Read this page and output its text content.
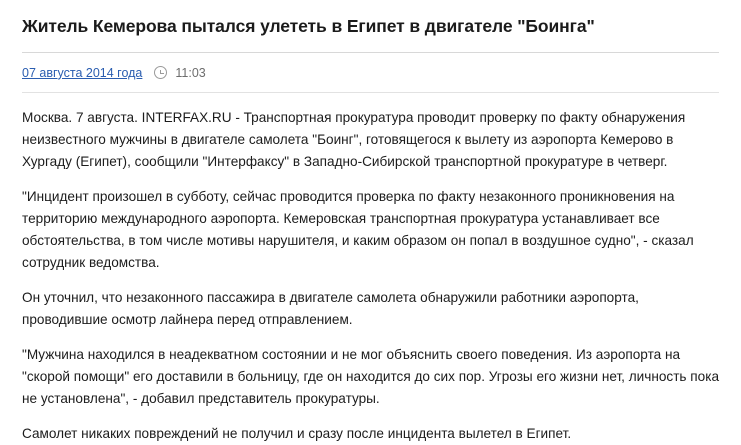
Житель Кемерова пытался улететь в Египет в двигателе "Боинга"
07 августа 2014 года	11:03

Москва. 7 августа. INTERFAX.RU - Транспортная прокуратура проводит проверку по факту обнаружения неизвестного мужчины в двигателе самолета "Боинг", готовящегося к вылету из аэропорта Кемерово в Хургаду (Египет), сообщили "Интерфаксу" в Западно-Сибирской транспортной прокуратуре в четверг.

"Инцидент произошел в субботу, сейчас проводится проверка по факту незаконного проникновения на территорию международного аэропорта. Кемеровская транспортная прокуратура устанавливает все обстоятельства, в том числе мотивы нарушителя, и каким образом он попал в воздушное судно", - сказал сотрудник ведомства.

Он уточнил, что незаконного пассажира в двигателе самолета обнаружили работники аэропорта, проводившие осмотр лайнера перед отправлением.

"Мужчина находился в неадекватном состоянии и не мог объяснить своего поведения. Из аэропорта на "скорой помощи" его доставили в больницу, где он находится до сих пор. Угрозы его жизни нет, личность пока не установлена", - добавил представитель прокуратуры.

Самолет никаких повреждений не получил и сразу после инцидента вылетел в Египет.
